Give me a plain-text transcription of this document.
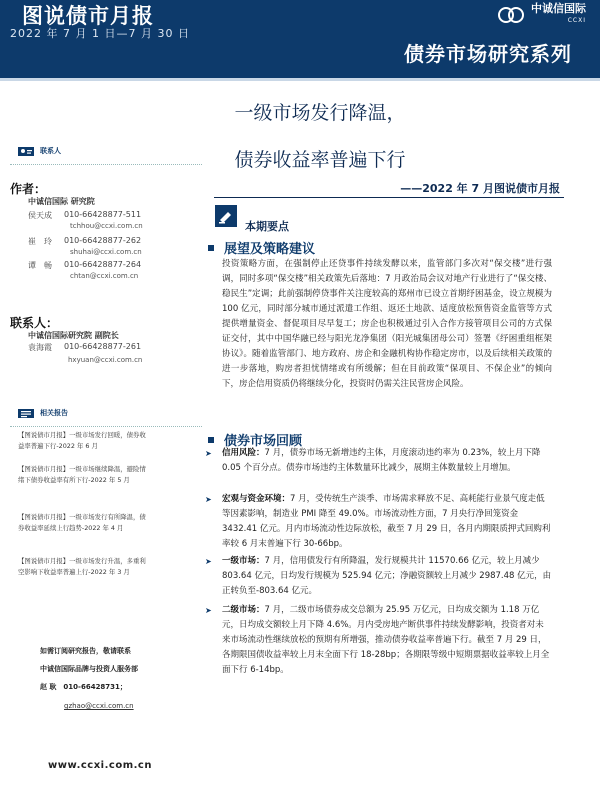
图说债市月报
2022 年 7 月 1 日—7 月 30 日
中诚信国际
CCXI
债券市场研究系列
一级市场发行降温，
债券收益率普遍下行
——2022 年 7 月图说债市月报
联系人
作者：
中诚信国际 研究院
侯天成	010-66428877-511
tchhou@ccxi.com.cn
崔　玲	010-66428877-262
shuhai@ccxi.com.cn
谭　畅	010-66428877-264
chtan@ccxi.com.cn
联系人：
中诚信国际研究院 副院长
袁海霞	010-66428877-261
hxyuan@ccxi.com.cn
相关报告
【图说债市月报】一级市场发行回暖，债券收益率普遍下行-2022 年 6 月
【图说债市月报】一级市场继续降温，避险情绪下债券收益率有所下行-2022 年 5 月
【图说债市月报】一级市场发行有所降温，债券收益率延续上行趋势-2022 年 4 月
【图说债市月报】一级市场发行升温，多重利空影响下收益率普遍上行-2022 年 3 月
如需订阅研究报告，敬请联系
中诚信国际品牌与投资人服务部
赵 耿　010-66428731；
gzhao@ccxi.com.cn
www.ccxi.com.cn
本期要点
展望及策略建议
投资策略方面，在强制停止还贷事件持续发酵以来，监管部门多次对“保交楼”进行强调，同时多项“保交楼”相关政策先后落地：7 月政治局会议对地产行业进行了“保交楼、稳民生”定调；此前强制停贷事件关注度较高的郑州市已设立首期纾困基金，设立规模为 100 亿元，同时部分城市通过派遣工作组、返还土地款、适度放松预售资金监管等方式提供增量资金、督促项目尽早复工；房企也积极通过引入合作方接管项目公司的方式保证交付，其中中国华融已经与阳光龙净集团（阳光城集团母公司）签署《纾困重组框架协议》。随着监管部门、地方政府、房企和金融机构协作稳定房市，以及后续相关政策的进一步落地，购房者担忧情绪或有所缓解；但在目前政策“保项目、不保企业”的倾向下，房企信用资质仍将继续分化，投资时仍需关注民营房企风险。
债券市场回顾
➤ 信用风险：7 月，债券市场无新增违约主体，月度滚动违约率为 0.23%，较上月下降 0.05 个百分点。债券市场违约主体数量环比减少，展期主体数量较上月增加。
➤ 宏观与资金环境：7 月，受传统生产淡季、市场需求释放不足、高耗能行业景气度走低等因素影响，制造业 PMI 降至 49.0%。市场流动性方面，7 月央行净回笼资金 3432.41 亿元。月内市场流动性边际放松，截至 7 月 29 日，各月内期限质押式回购利率较 6 月末普遍下行 30-66bp。
➤ 一级市场：7 月，信用债发行有所降温，发行规模共计 11570.66 亿元，较上月减少 803.64 亿元，日均发行规模为 525.94 亿元；净融资额较上月减少 2987.48 亿元，由正转负至-803.64 亿元。
➤ 二级市场：7 月，二级市场债券成交总额为 25.95 万亿元，日均成交额为 1.18 万亿元，日均成交额较上月下降 4.6%。月内受房地产断供事件持续发酵影响，投资者对未来市场流动性继续放松的预期有所增强，推动债券收益率普遍下行。截至 7 月 29 日，各期限国债收益率较上月末全面下行 18-28bp；各期限等级中短期票据收益率较上月全面下行 6-14bp。
